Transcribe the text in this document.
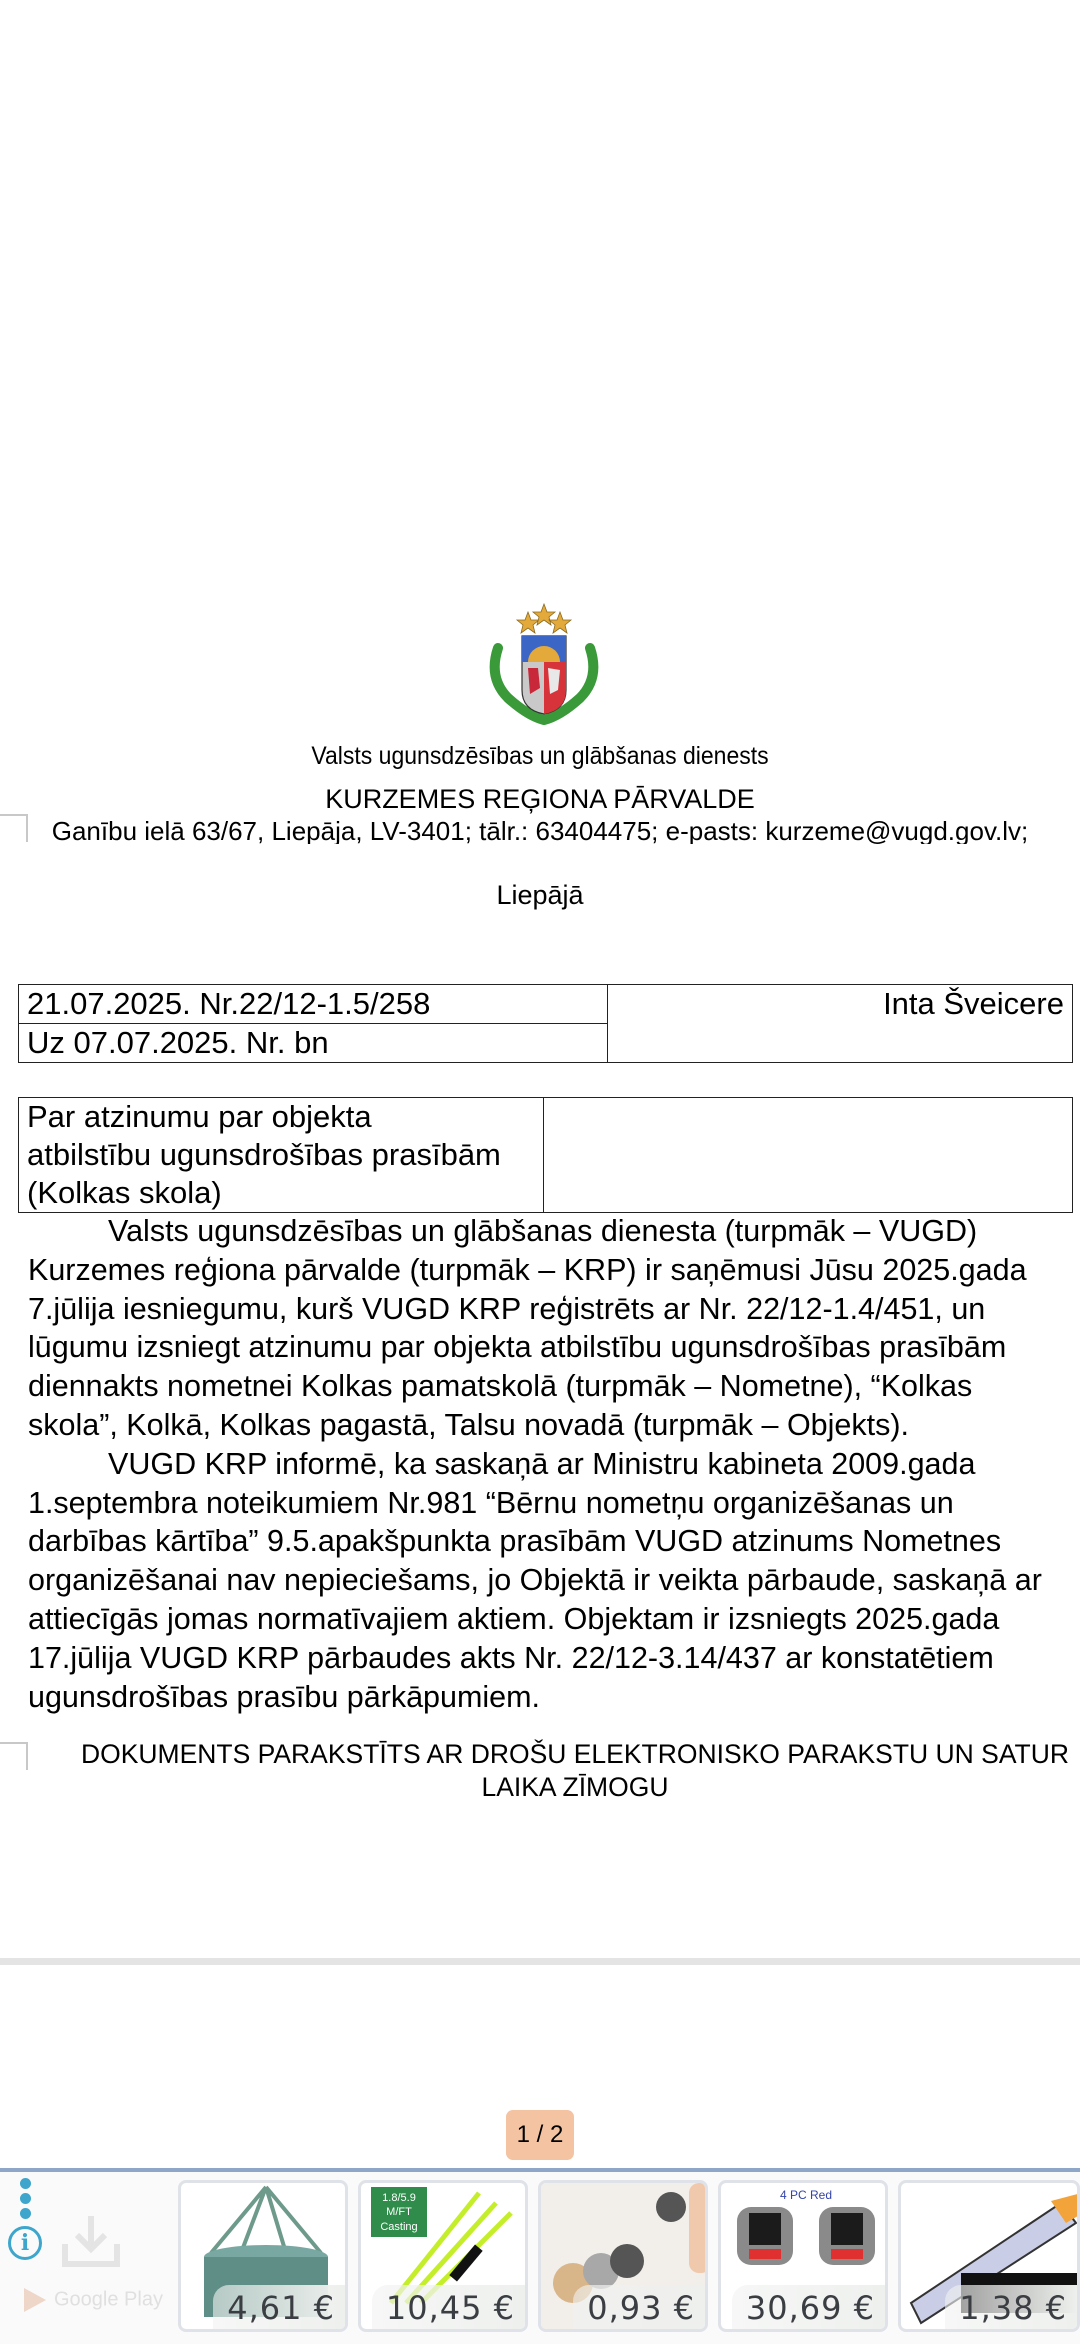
Valsts ugunsdzēsības un glābšanas dienests
KURZEMES REĢIONA PĀRVALDE
Ganību ielā 63/67, Liepāja, LV-3401; tālr.: 63404475; e-pasts: kurzeme@vugd.gov.lv;
Liepājā
21.07.2025. Nr.22/12-1.5/258	Inta Šveicere
Uz 07.07.2025. Nr. bn
Par atzinumu par objekta
atbilstību ugunsdrošības prasībām
(Kolkas skola)

Valsts ugunsdzēsības un glābšanas dienesta (turpmāk – VUGD)
Kurzemes reģiona pārvalde (turpmāk – KRP) ir saņēmusi Jūsu 2025.gada
7.jūlija iesniegumu, kurš VUGD KRP reģistrēts ar Nr. 22/12-1.4/451, un
lūgumu izsniegt atzinumu par objekta atbilstību ugunsdrošības prasībām
diennakts nometnei Kolkas pamatskolā (turpmāk – Nometne), “Kolkas
skola”, Kolkā, Kolkas pagastā, Talsu novadā (turpmāk – Objekts).
VUGD KRP informē, ka saskaņā ar Ministru kabineta 2009.gada
1.septembra noteikumiem Nr.981 “Bērnu nometņu organizēšanas un
darbības kārtība” 9.5.apakšpunkta prasībām VUGD atzinums Nometnes
organizēšanai nav nepieciešams, jo Objektā ir veikta pārbaude, saskaņā ar
attiecīgās jomas normatīvajiem aktiem. Objektam ir izsniegts 2025.gada
17.jūlija VUGD KRP pārbaudes akts Nr. 22/12-3.14/437 ar konstatētiem
ugunsdrošības prasību pārkāpumiem.
DOKUMENTS PARAKSTĪTS AR DROŠU ELEKTRONISKO PARAKSTU UN SATUR
LAIKA ZĪMOGU
1 / 2
i
Google Play	4,61 €
1.8/5.9
M/FT
Casting
10,45 €	0,93 €
4 PC Red
30,69 €	1,38 €
